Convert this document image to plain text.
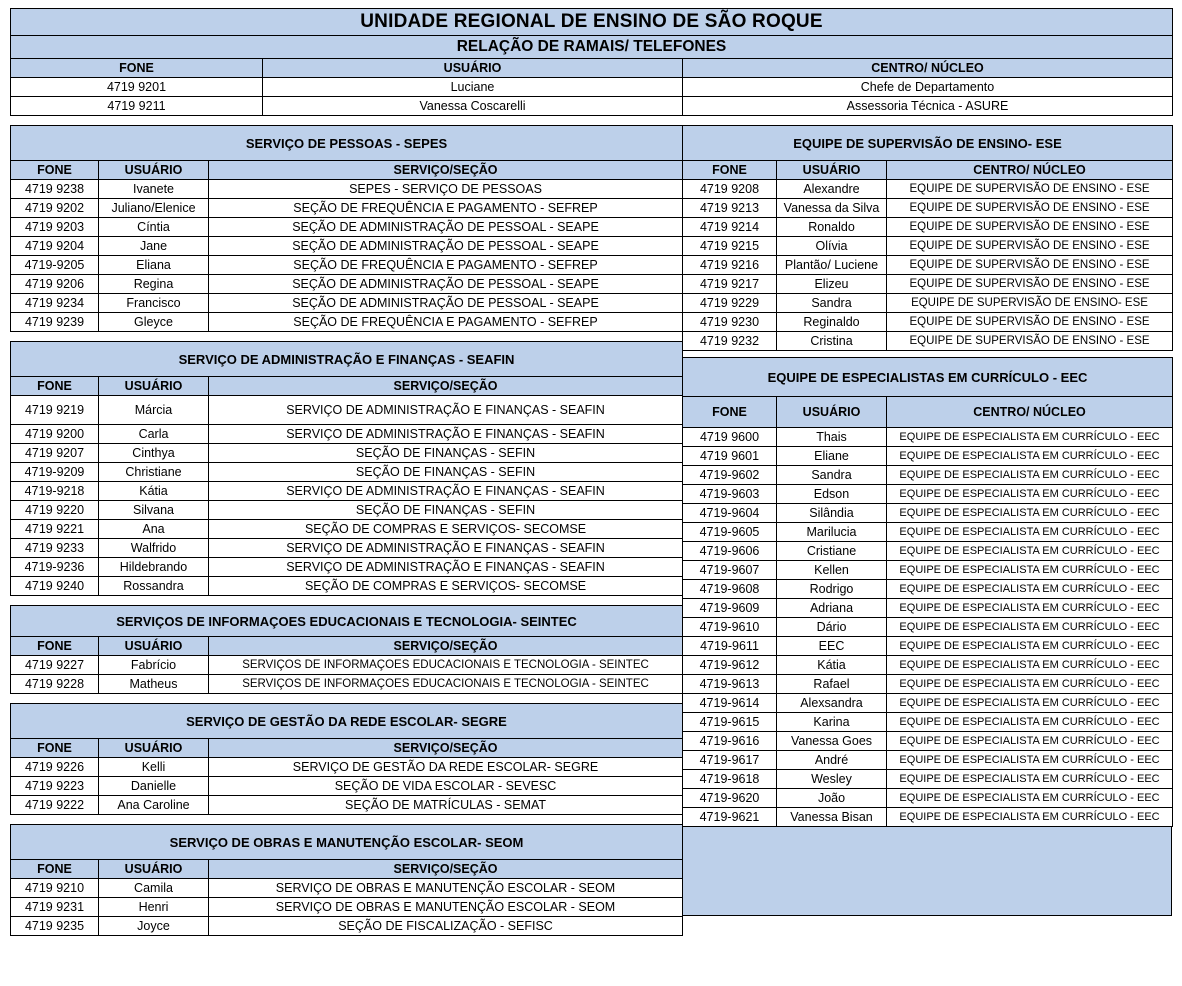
UNIDADE REGIONAL DE ENSINO DE SÃO ROQUE		
RELAÇÃO DE RAMAIS/ TELEFONES		
FONE	USUÁRIO	CENTRO/ NÚCLEO
4719 9201	Luciane	Chefe de Departamento
4719 9211	Vanessa Coscarelli	Assessoria Técnica - ASURE
SERVIÇO DE PESSOAS - SEPES		
FONE	USUÁRIO	SERVIÇO/SEÇÃO
4719 9238	Ivanete	SEPES - SERVIÇO DE PESSOAS
4719 9202	Juliano/Elenice	SEÇÃO DE FREQUÊNCIA E PAGAMENTO - SEFREP
4719 9203	Cíntia	SEÇÃO DE ADMINISTRAÇÃO DE PESSOAL - SEAPE
4719 9204	Jane	SEÇÃO DE ADMINISTRAÇÃO DE PESSOAL - SEAPE
4719-9205	Eliana	SEÇÃO DE FREQUÊNCIA E PAGAMENTO - SEFREP
4719 9206	Regina	SEÇÃO DE ADMINISTRAÇÃO DE PESSOAL - SEAPE
4719 9234	Francisco	SEÇÃO DE ADMINISTRAÇÃO DE PESSOAL - SEAPE
4719 9239	Gleyce	SEÇÃO DE FREQUÊNCIA E PAGAMENTO - SEFREP
SERVIÇO DE ADMINISTRAÇÃO E FINANÇAS - SEAFIN		
FONE	USUÁRIO	SERVIÇO/SEÇÃO
4719 9219	Márcia	SERVIÇO DE ADMINISTRAÇÃO E FINANÇAS - SEAFIN
4719 9200	Carla	SERVIÇO DE ADMINISTRAÇÃO E FINANÇAS - SEAFIN
4719 9207	Cinthya	SEÇÃO DE FINANÇAS - SEFIN
4719-9209	Christiane	SEÇÃO DE FINANÇAS - SEFIN
4719-9218	Kátia	SERVIÇO DE ADMINISTRAÇÃO E FINANÇAS - SEAFIN
4719 9220	Silvana	SEÇÃO DE FINANÇAS - SEFIN
4719 9221	Ana	SEÇÃO DE COMPRAS E SERVIÇOS- SECOMSE
4719 9233	Walfrido	SERVIÇO DE ADMINISTRAÇÃO E FINANÇAS - SEAFIN
4719-9236	Hildebrando	SERVIÇO DE ADMINISTRAÇÃO E FINANÇAS - SEAFIN
4719 9240	Rossandra	SEÇÃO DE COMPRAS E SERVIÇOS- SECOMSE
SERVIÇOS DE INFORMAÇOES EDUCACIONAIS E TECNOLOGIA- SEINTEC		
FONE	USUÁRIO	SERVIÇO/SEÇÃO
4719 9227	Fabrício	SERVIÇOS DE INFORMAÇOES EDUCACIONAIS E TECNOLOGIA - SEINTEC
4719 9228	Matheus	SERVIÇOS DE INFORMAÇOES EDUCACIONAIS E TECNOLOGIA - SEINTEC
SERVIÇO DE GESTÃO DA REDE ESCOLAR- SEGRE		
FONE	USUÁRIO	SERVIÇO/SEÇÃO
4719 9226	Kelli	SERVIÇO DE GESTÃO DA REDE ESCOLAR- SEGRE
4719 9223	Danielle	SEÇÃO DE VIDA ESCOLAR - SEVESC
4719 9222	Ana Caroline	SEÇÃO DE MATRÍCULAS - SEMAT
SERVIÇO DE OBRAS E MANUTENÇÃO ESCOLAR- SEOM		
FONE	USUÁRIO	SERVIÇO/SEÇÃO
4719 9210	Camila	SERVIÇO DE OBRAS E MANUTENÇÃO ESCOLAR - SEOM
4719 9231	Henri	SERVIÇO DE OBRAS E MANUTENÇÃO ESCOLAR - SEOM
4719 9235	Joyce	SEÇÃO DE FISCALIZAÇÃO - SEFISC
EQUIPE DE SUPERVISÃO DE ENSINO- ESE		
FONE	USUÁRIO	CENTRO/ NÚCLEO
4719 9208	Alexandre	EQUIPE DE SUPERVISÃO DE ENSINO - ESE
4719 9213	Vanessa da Silva	EQUIPE DE SUPERVISÃO DE ENSINO - ESE
4719 9214	Ronaldo	EQUIPE DE SUPERVISÃO DE ENSINO - ESE
4719 9215	Olívia	EQUIPE DE SUPERVISÃO DE ENSINO - ESE
4719 9216	Plantão/ Luciene	EQUIPE DE SUPERVISÃO DE ENSINO - ESE
4719 9217	Elizeu	EQUIPE DE SUPERVISÃO DE ENSINO - ESE
4719 9229	Sandra	EQUIPE DE SUPERVISÃO DE ENSINO- ESE
4719 9230	Reginaldo	EQUIPE DE SUPERVISÃO DE ENSINO - ESE
4719 9232	Cristina	EQUIPE DE SUPERVISÃO DE ENSINO - ESE
EQUIPE DE ESPECIALISTAS EM CURRÍCULO - EEC		
FONE	USUÁRIO	CENTRO/ NÚCLEO
4719 9600	Thais	EQUIPE DE ESPECIALISTA EM CURRÍCULO - EEC
4719 9601	Eliane	EQUIPE DE ESPECIALISTA EM CURRÍCULO - EEC
4719-9602	Sandra	EQUIPE DE ESPECIALISTA EM CURRÍCULO - EEC
4719-9603	Edson	EQUIPE DE ESPECIALISTA EM CURRÍCULO - EEC
4719-9604	Silândia	EQUIPE DE ESPECIALISTA EM CURRÍCULO - EEC
4719-9605	Marilucia	EQUIPE DE ESPECIALISTA EM CURRÍCULO - EEC
4719-9606	Cristiane	EQUIPE DE ESPECIALISTA EM CURRÍCULO - EEC
4719-9607	Kellen	EQUIPE DE ESPECIALISTA EM CURRÍCULO - EEC
4719-9608	Rodrigo	EQUIPE DE ESPECIALISTA EM CURRÍCULO - EEC
4719-9609	Adriana	EQUIPE DE ESPECIALISTA EM CURRÍCULO - EEC
4719-9610	Dário	EQUIPE DE ESPECIALISTA EM CURRÍCULO - EEC
4719-9611	EEC	EQUIPE DE ESPECIALISTA EM CURRÍCULO - EEC
4719-9612	Kátia	EQUIPE DE ESPECIALISTA EM CURRÍCULO - EEC
4719-9613	Rafael	EQUIPE DE ESPECIALISTA EM CURRÍCULO - EEC
4719-9614	Alexsandra	EQUIPE DE ESPECIALISTA EM CURRÍCULO - EEC
4719-9615	Karina	EQUIPE DE ESPECIALISTA EM CURRÍCULO - EEC
4719-9616	Vanessa Goes	EQUIPE DE ESPECIALISTA EM CURRÍCULO - EEC
4719-9617	André	EQUIPE DE ESPECIALISTA EM CURRÍCULO - EEC
4719-9618	Wesley	EQUIPE DE ESPECIALISTA EM CURRÍCULO - EEC
4719-9620	João	EQUIPE DE ESPECIALISTA EM CURRÍCULO - EEC
4719-9621	Vanessa Bisan	EQUIPE DE ESPECIALISTA EM CURRÍCULO - EEC
